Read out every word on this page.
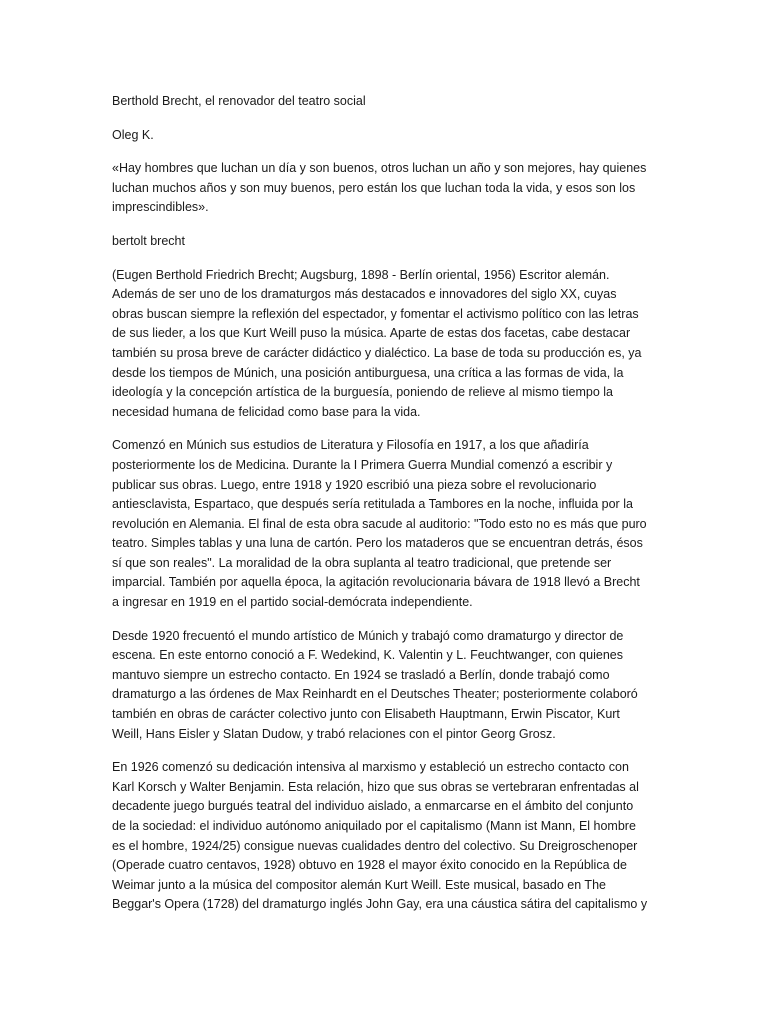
Berthold Brecht, el renovador del teatro social

Oleg K.

«Hay hombres que luchan un día y son buenos, otros luchan un año y son mejores, hay quienes luchan muchos años y son muy buenos, pero están los que luchan toda la vida, y esos son los imprescindibles».

bertolt brecht

(Eugen Berthold Friedrich Brecht; Augsburg, 1898 - Berlín oriental, 1956) Escritor alemán. Además de ser uno de los dramaturgos más destacados e innovadores del siglo XX, cuyas obras buscan siempre la reflexión del espectador, y fomentar el activismo político con las letras de sus lieder, a los que Kurt Weill puso la música. Aparte de estas dos facetas, cabe destacar también su prosa breve de carácter didáctico y dialéctico. La base de toda su producción es, ya desde los tiempos de Múnich, una posición antiburguesa, una crítica a las formas de vida, la ideología y la concepción artística de la burguesía, poniendo de relieve al mismo tiempo la necesidad humana de felicidad como base para la vida.

Comenzó en Múnich sus estudios de Literatura y Filosofía en 1917, a los que añadiría posteriormente los de Medicina. Durante la I Primera Guerra Mundial comenzó a escribir y publicar sus obras. Luego, entre 1918 y 1920 escribió una pieza sobre el revolucionario antiesclavista, Espartaco, que después sería retitulada a Tambores en la noche, influida por la revolución en Alemania. El final de esta obra sacude al auditorio: "Todo esto no es más que puro teatro. Simples tablas y una luna de cartón. Pero los mataderos que se encuentran detrás, ésos sí que son reales". La moralidad de la obra suplanta al teatro tradicional, que pretende ser imparcial. También por aquella época, la agitación revolucionaria bávara de 1918 llevó a Brecht a ingresar en 1919 en el partido social-demócrata independiente.

Desde 1920 frecuentó el mundo artístico de Múnich y trabajó como dramaturgo y director de escena. En este entorno conoció a F. Wedekind, K. Valentin y L. Feuchtwanger, con quienes mantuvo siempre un estrecho contacto. En 1924 se trasladó a Berlín, donde trabajó como dramaturgo a las órdenes de Max Reinhardt en el Deutsches Theater; posteriormente colaboró también en obras de carácter colectivo junto con Elisabeth Hauptmann, Erwin Piscator, Kurt Weill, Hans Eisler y Slatan Dudow, y trabó relaciones con el pintor Georg Grosz.

En 1926 comenzó su dedicación intensiva al marxismo y estableció un estrecho contacto con Karl Korsch y Walter Benjamin. Esta relación, hizo que sus obras se vertebraran enfrentadas al decadente juego burgués teatral del individuo aislado, a enmarcarse en el ámbito del conjunto de la sociedad: el individuo autónomo aniquilado por el capitalismo (Mann ist Mann, El hombre es el hombre, 1924/25) consigue nuevas cualidades dentro del colectivo. Su Dreigroschenoper (Operade cuatro centavos, 1928) obtuvo en 1928 el mayor éxito conocido en la República de Weimar junto a la música del compositor alemán Kurt Weill. Este musical, basado en The Beggar's Opera (1728) del dramaturgo inglés John Gay, era una cáustica sátira del capitalismo y
